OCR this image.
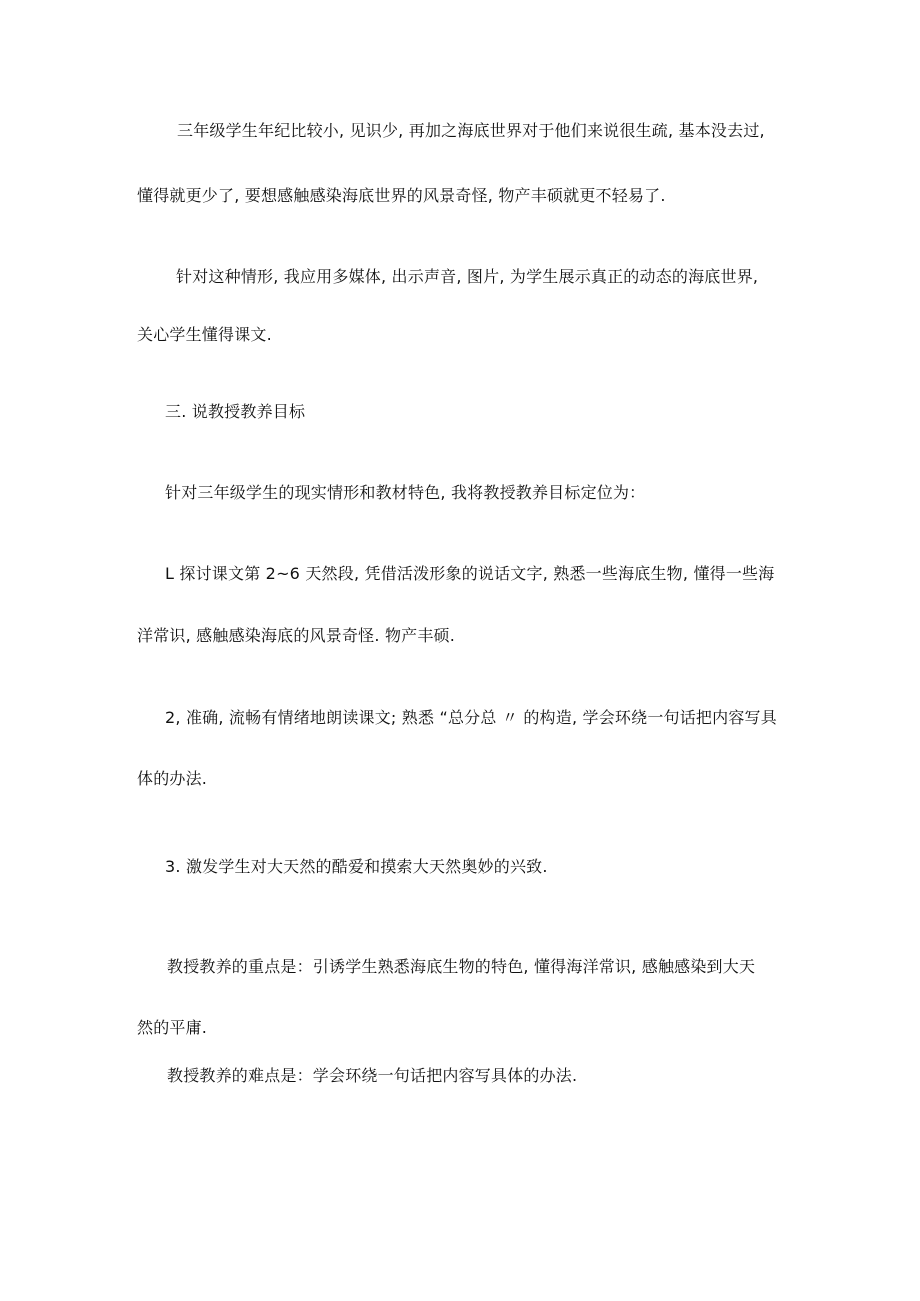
三年级学生年纪比较小, 见识少, 再加之海底世界对于他们来说很生疏, 基本没去过,
懂得就更少了, 要想感触感染海底世界的风景奇怪, 物产丰硕就更不轻易了.
针对这种情形, 我应用多媒体, 出示声音, 图片, 为学生展示真正的动态的海底世界,
关心学生懂得课文.
三. 说教授教养目标
针对三年级学生的现实情形和教材特色, 我将教授教养目标定位为：
L 探讨课文第 2~6 天然段, 凭借活泼形象的说话文字, 熟悉一些海底生物, 懂得一些海
洋常识, 感触感染海底的风景奇怪. 物产丰硕.
2, 准确, 流畅有情绪地朗读课文; 熟悉 “总分总 〃 的构造, 学会环绕一句话把内容写具
体的办法.
3. 激发学生对大天然的酷爱和摸索大天然奥妙的兴致.
教授教养的重点是：引诱学生熟悉海底生物的特色, 懂得海洋常识, 感触感染到大天
然的平庸.
教授教养的难点是：学会环绕一句话把内容写具体的办法.
